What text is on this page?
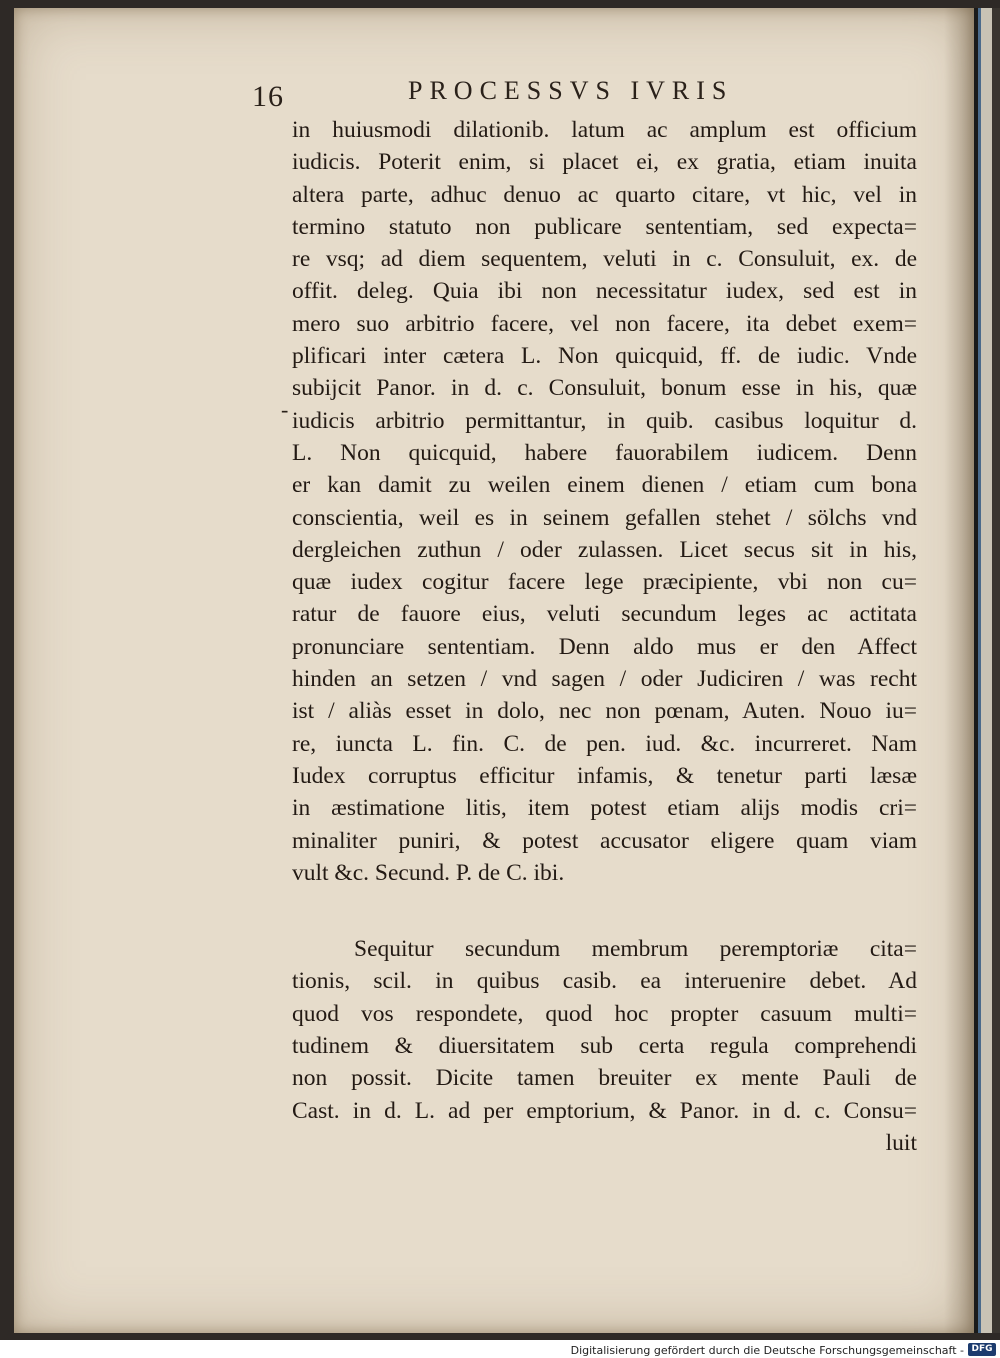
16	PROCESSVS IVRIS
-
in huiusmodi dilationib. latum ac amplum est officium
iudicis. Poterit enim, si placet ei, ex gratia, etiam inuita
altera parte, adhuc denuo ac quarto citare, vt hic, vel in
termino statuto non publicare sententiam, sed expecta=
re vsq; ad diem sequentem, veluti in c. Consuluit, ex. de
offit. deleg. Quia ibi non necessitatur iudex, sed est in
mero suo arbitrio facere, vel non facere, ita debet exem=
plificari inter cætera L. Non quicquid, ff. de iudic. Vnde
subijcit Panor. in d. c. Consuluit, bonum esse in his, quæ
iudicis arbitrio permittantur, in quib. casibus loquitur d.
L. Non quicquid, habere fauorabilem iudicem. Denn
er kan damit zu weilen einem dienen / etiam cum bona
conscientia, weil es in seinem gefallen stehet / sölchs vnd
dergleichen zuthun / oder zulassen. Licet secus sit in his,
quæ iudex cogitur facere lege præcipiente, vbi non cu=
ratur de fauore eius, veluti secundum leges ac actitata
pronunciare sententiam. Denn aldo mus er den Affect
hinden an setzen / vnd sagen / oder Judiciren / was recht
ist / aliàs esset in dolo, nec non pœnam, Auten. Nouo iu=
re, iuncta L. fin. C. de pen. iud. &c. incurreret. Nam
Iudex corruptus efficitur infamis, & tenetur parti læsæ
in æstimatione litis, item potest etiam alijs modis cri=
minaliter puniri, & potest accusator eligere quam viam
vult &c. Secund. P. de C. ibi.
Sequitur secundum membrum peremptoriæ cita=
tionis, scil. in quibus casib. ea interuenire debet. Ad
quod vos respondete, quod hoc propter casuum multi=
tudinem & diuersitatem sub certa regula comprehendi
non possit. Dicite tamen breuiter ex mente Pauli de
Cast. in d. L. ad per emptorium, & Panor. in d. c. Consu=
luit
Digitalisierung gefördert durch die Deutsche Forschungsgemeinschaft - DFG
